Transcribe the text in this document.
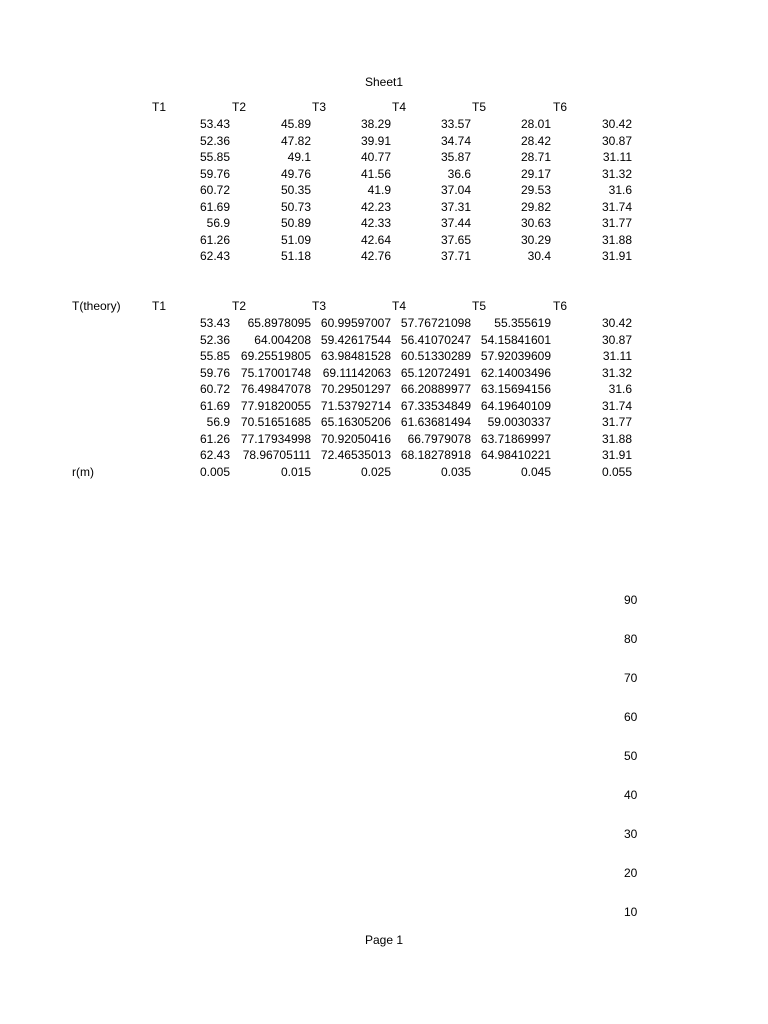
Sheet1
T1	T2	T3	T4	T5	T6
53.43	45.89	38.29	33.57	28.01	30.42
52.36	47.82	39.91	34.74	28.42	30.87
55.85	49.1	40.77	35.87	28.71	31.11
59.76	49.76	41.56	36.6	29.17	31.32
60.72	50.35	41.9	37.04	29.53	31.6
61.69	50.73	42.23	37.31	29.82	31.74
56.9	50.89	42.33	37.44	30.63	31.77
61.26	51.09	42.64	37.65	30.29	31.88
62.43	51.18	42.76	37.71	30.4	31.91
T(theory)	T1	T2	T3	T4	T5	T6
53.43	65.8978095 60.99597007 57.76721098	55.355619	30.42
52.36	64.004208 59.42617544 56.41070247 54.15841601	30.87
55.85 69.25519805 63.98481528 60.51330289 57.92039609	31.11
59.76 75.17001748 69.11142063 65.12072491 62.14003496	31.32
60.72 76.49847078 70.29501297 66.20889977 63.15694156	31.6
61.69 77.91820055 71.53792714 67.33534849 64.19640109	31.74
56.9 70.51651685 65.16305206 61.63681494	59.0030337	31.77
61.26 77.17934998 70.92050416	66.7979078 63.71869997	31.88
62.43	78.96705111 72.46535013 68.18278918 64.98410221	31.91
r(m)	0.005	0.015	0.025	0.035	0.045	0.055
90
80
70
60
50
40
30
20
10
Page 1
